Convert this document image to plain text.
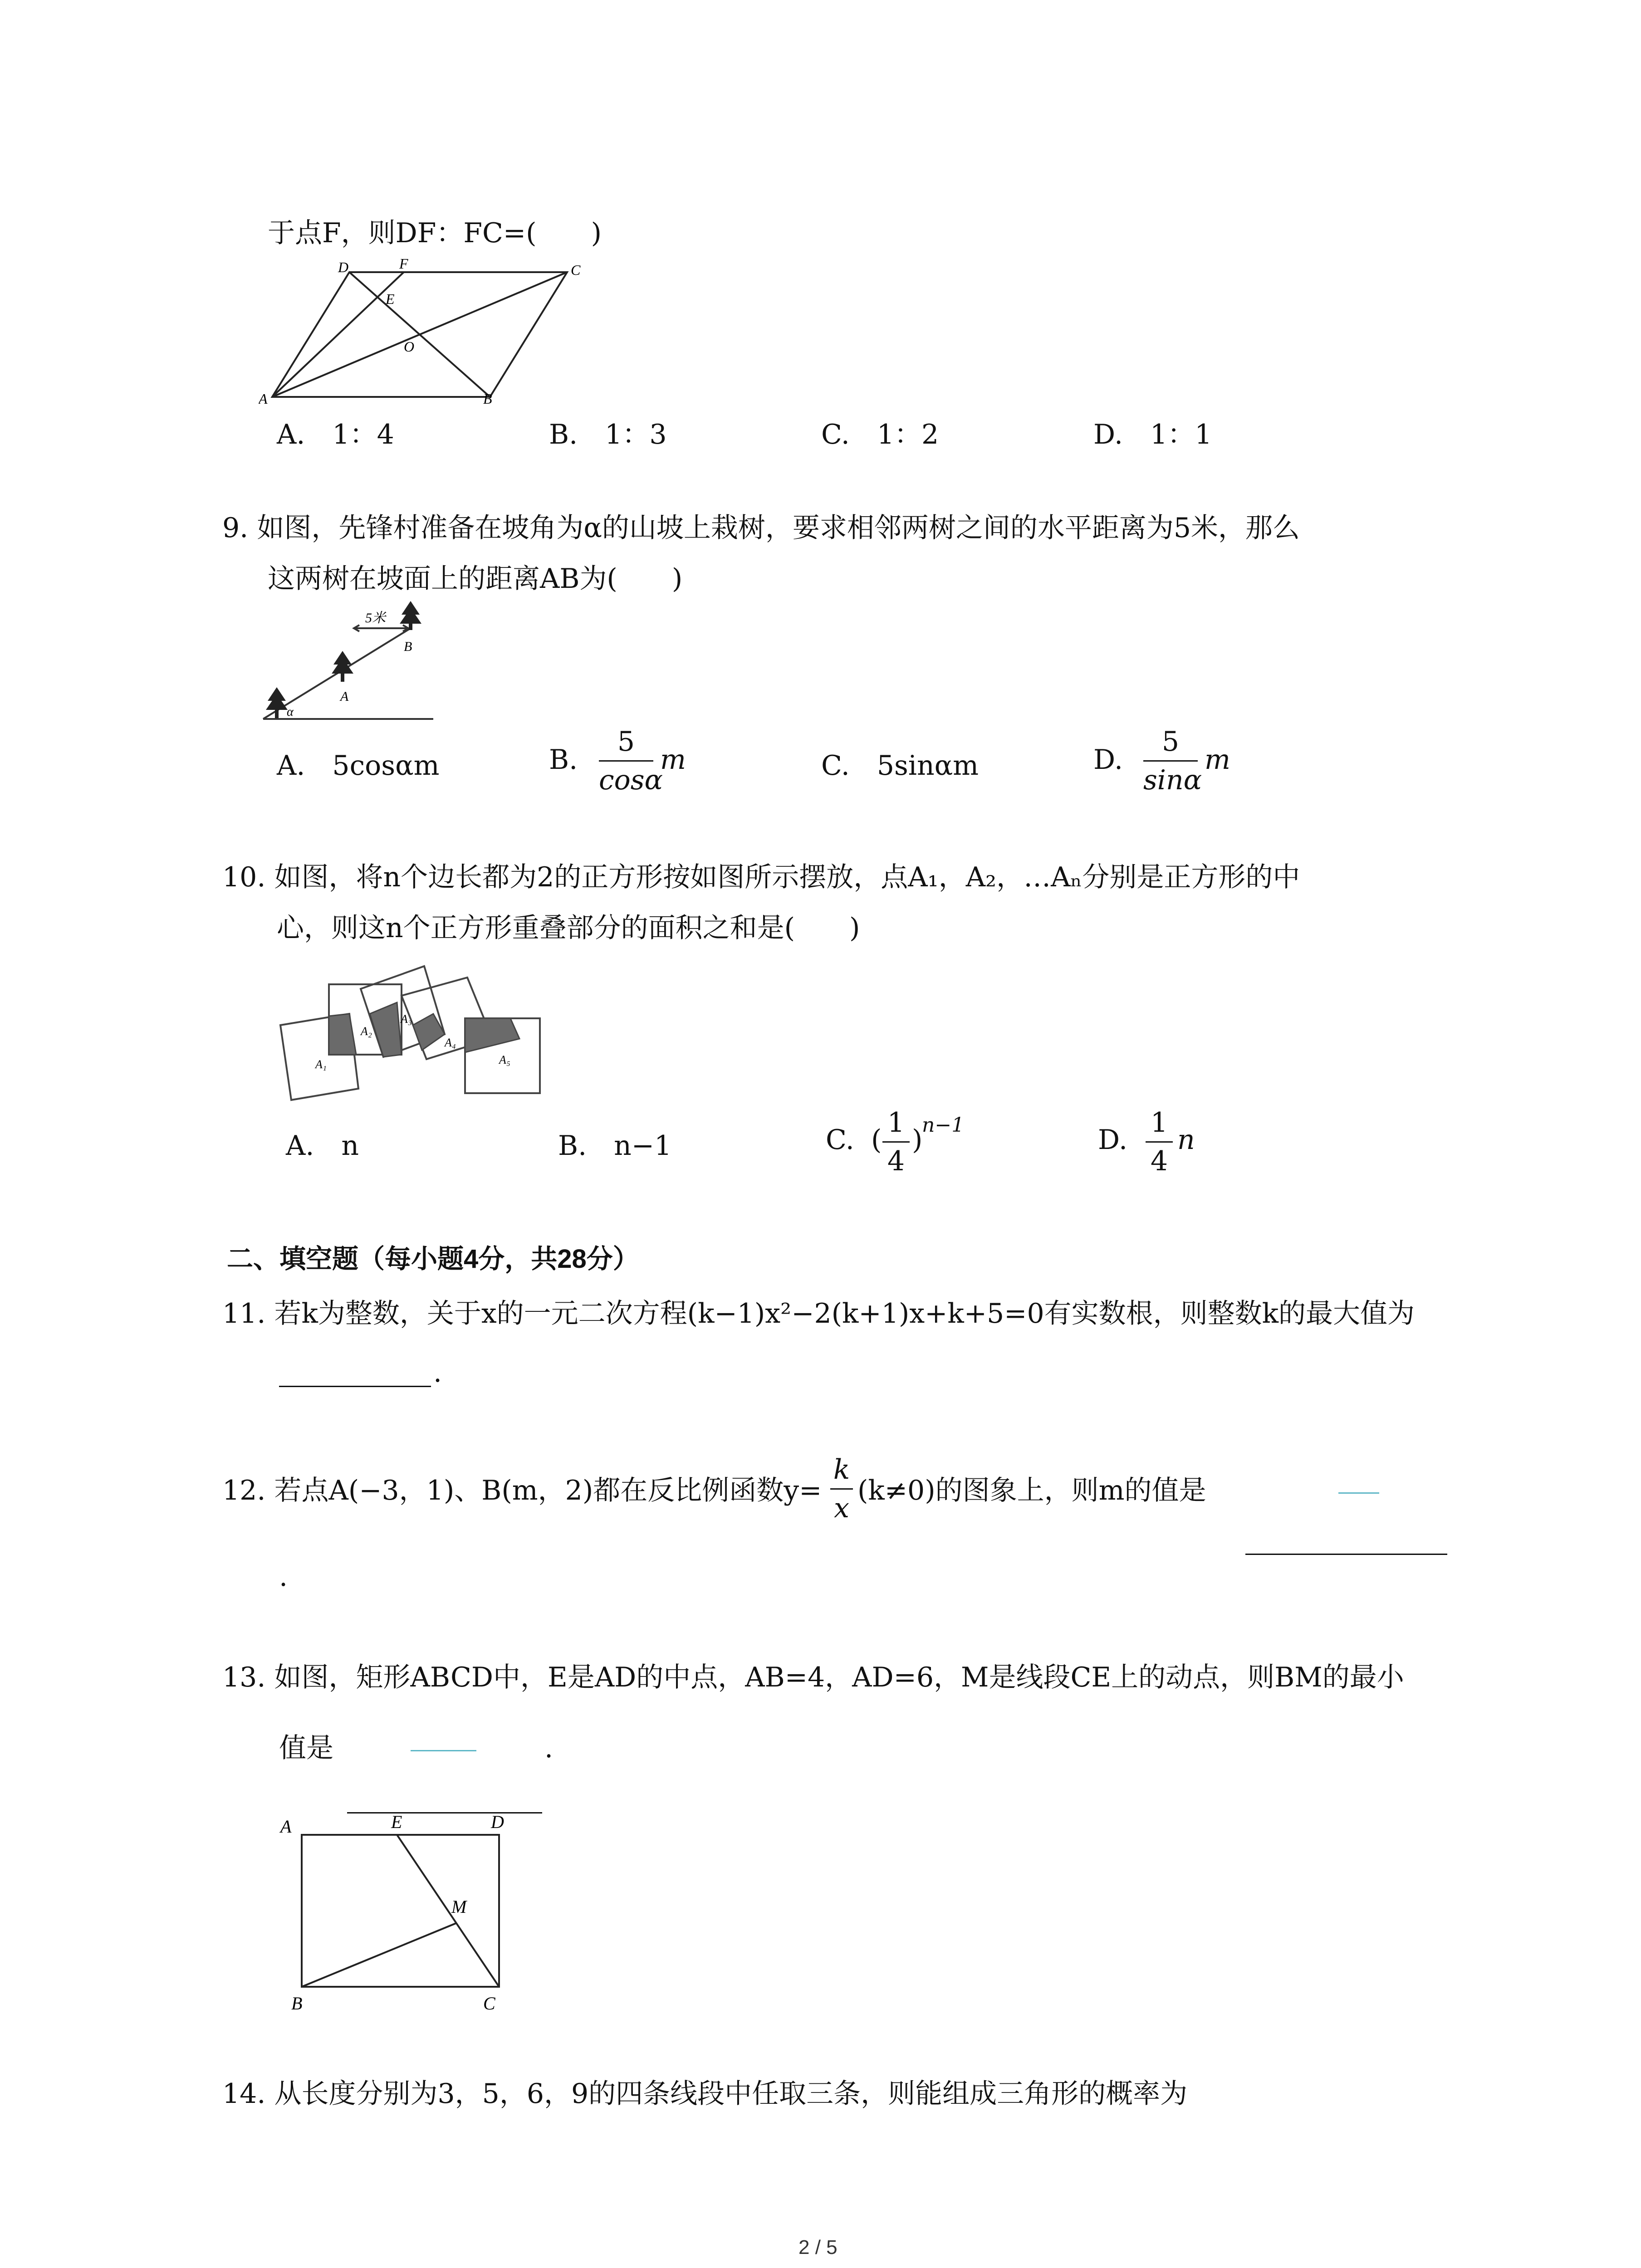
于点F，则DF：FC=(　　)
D	F	C
E
O
A	B
A.　1：4	B.　1：3	C.　1：2	D.　1：1
9. 如图，先锋村准备在坡角为α的山坡上栽树，要求相邻两树之间的水平距离为5米，那么
这两树在坡面上的距离AB为(　　)
5米
A
B
α
A.　5cosαm	B.
5
cosα
m	C.　5sinαm	D.
5
sinα
m
10. 如图，将n个边长都为2的正方形按如图所示摆放，点A₁，A₂，…Aₙ分别是正方形的中
心，则这n个正方形重叠部分的面积之和是(　　)
A₁
A₂
A₃
A₄
A₅
A.　n	B.　n−1	C. (
1
4
)
n−1	D.
1
4
n
二、填空题（每小题4分，共28分）
11. 若k为整数，关于x的一元二次方程(k−1)x²−2(k+1)x+k+5=0有实数根，则整数k的最大值为
.
12. 若点A(−3，1)、B(m，2)都在反比例函数y=
k
x
(k≠0)的图象上，则m的值是
.
13. 如图，矩形ABCD中，E是AD的中点，AB=4，AD=6，M是线段CE上的动点，则BM的最小
值是	.
A	E	D
M
B	C
14. 从长度分别为3，5，6，9的四条线段中任取三条，则能组成三角形的概率为
2 / 5
